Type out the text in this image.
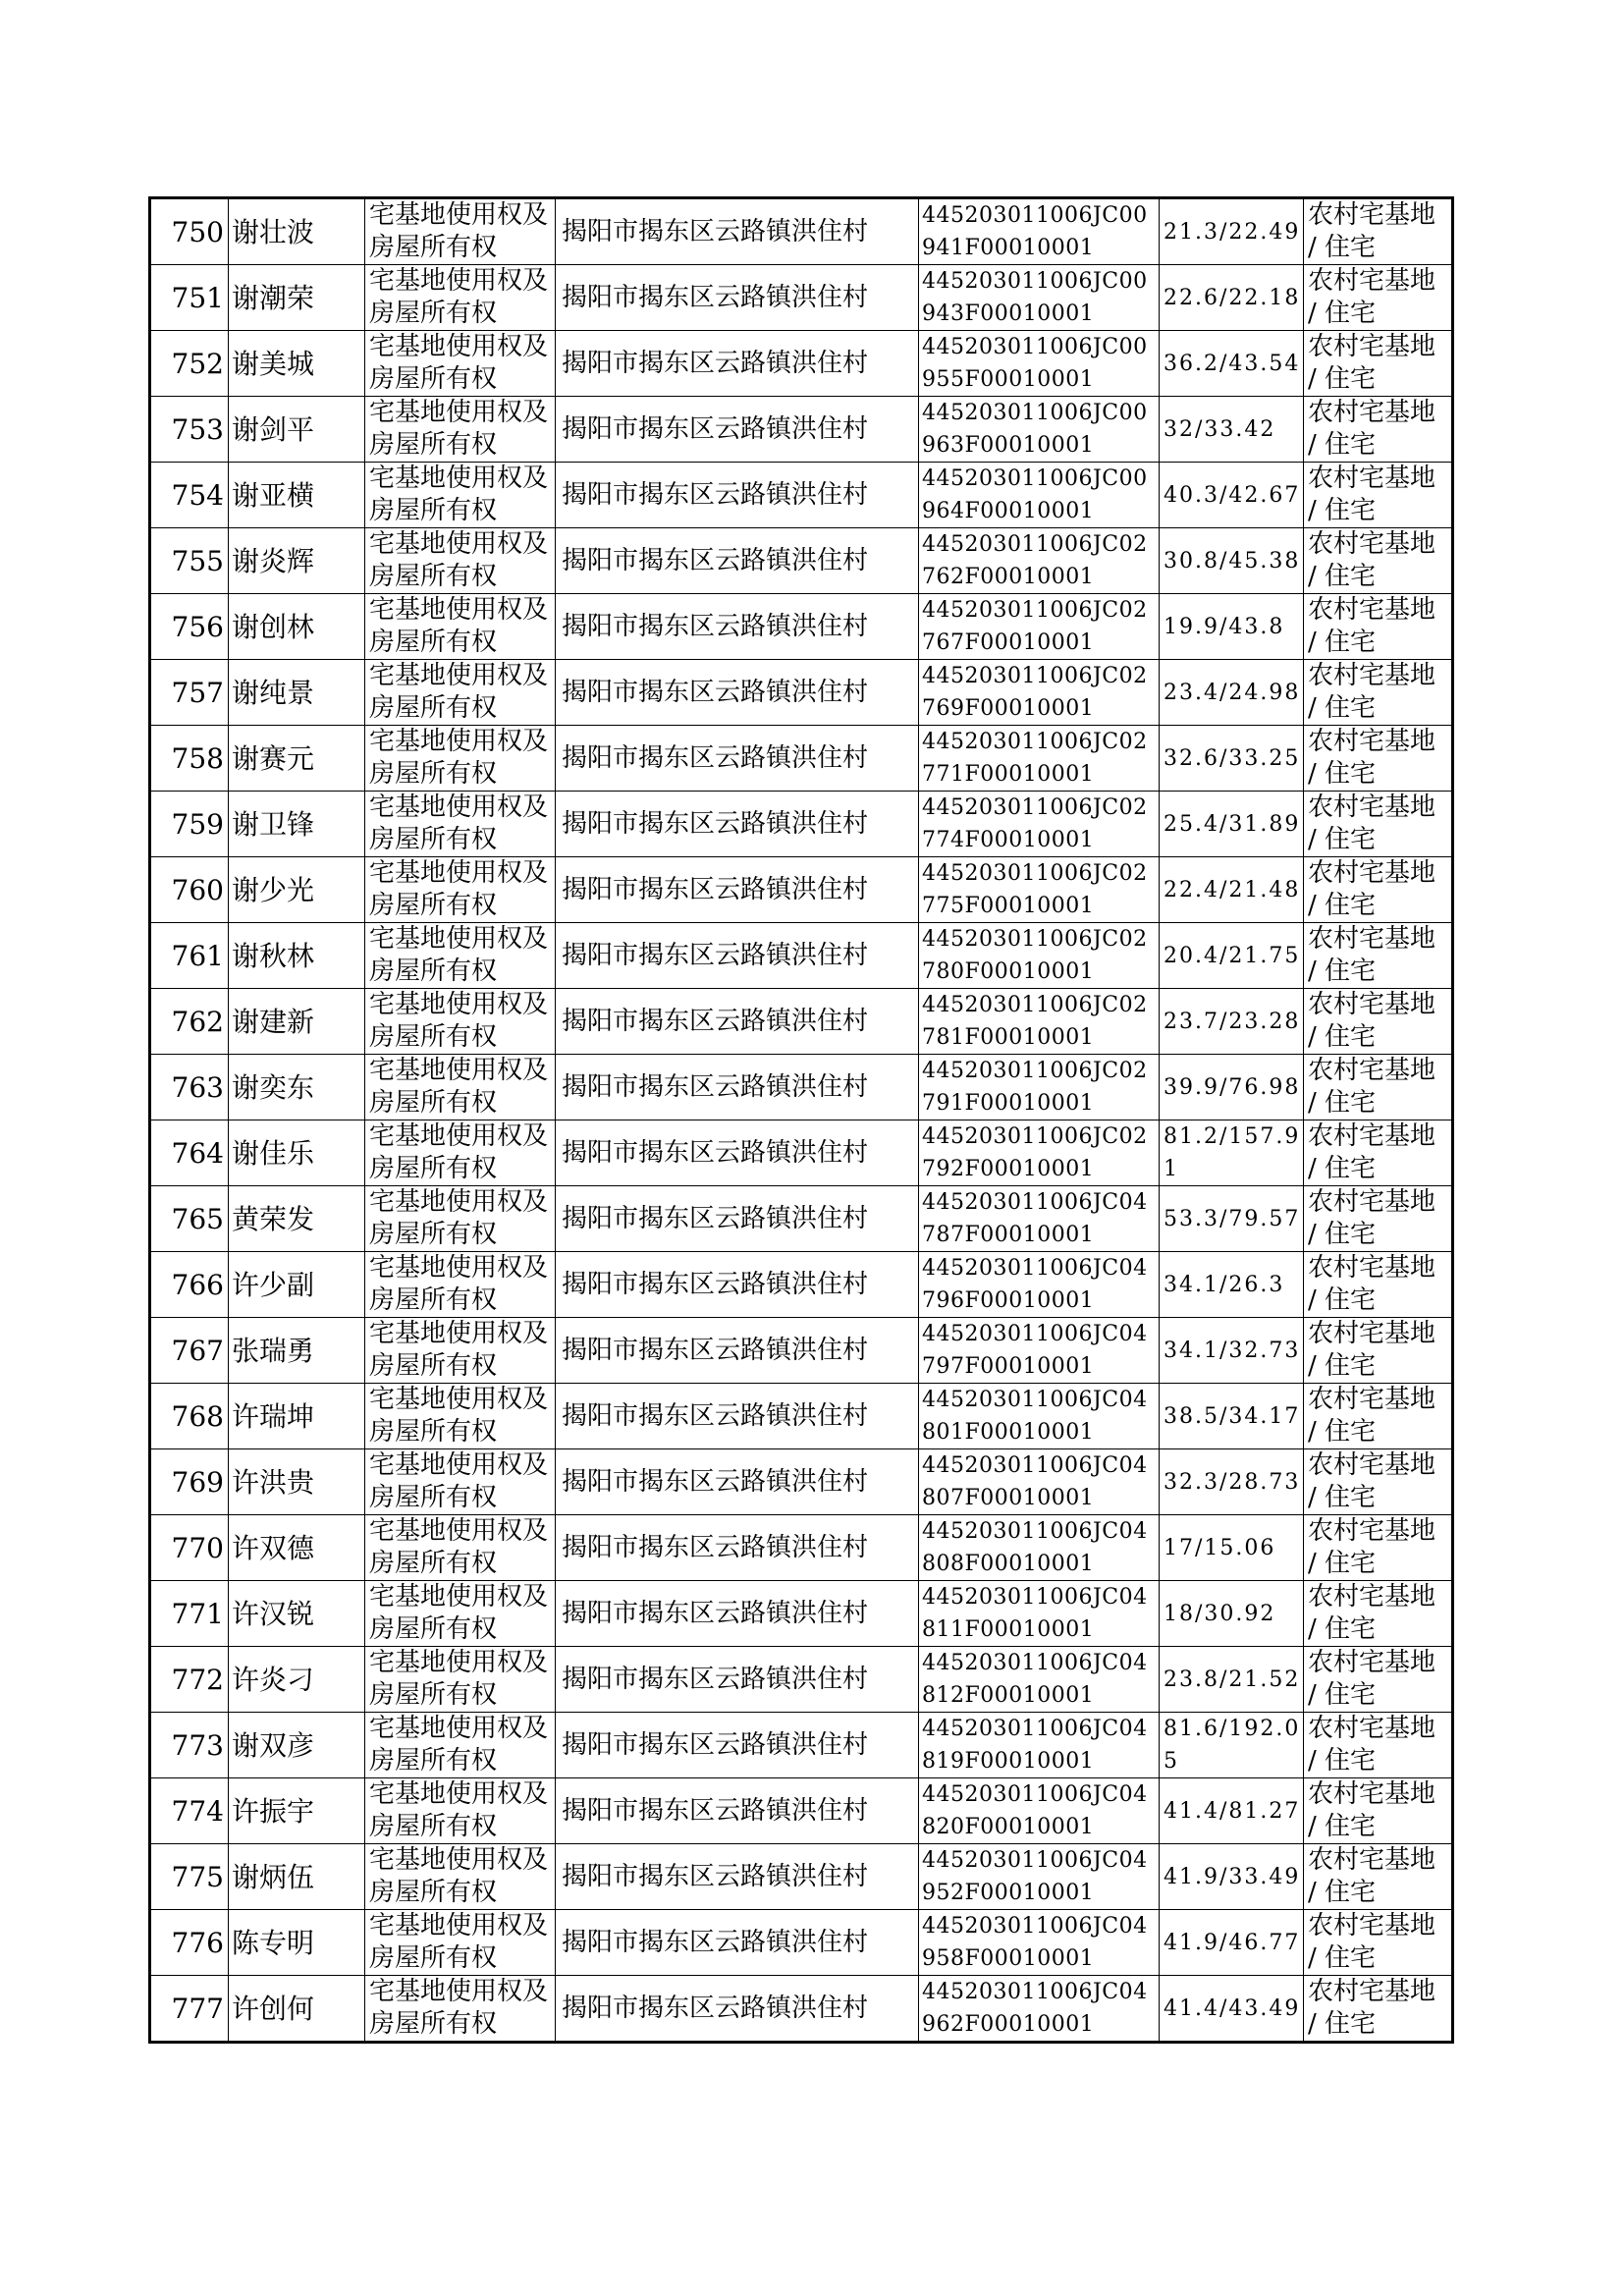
750	谢壮波	宅基地使用权及房屋所有权	揭阳市揭东区云路镇洪住村	445203011006JC00941F00010001	21.3/22.49	农村宅基地 / 住宅
751	谢潮荣	宅基地使用权及房屋所有权	揭阳市揭东区云路镇洪住村	445203011006JC00943F00010001	22.6/22.18	农村宅基地 / 住宅
752	谢美城	宅基地使用权及房屋所有权	揭阳市揭东区云路镇洪住村	445203011006JC00955F00010001	36.2/43.54	农村宅基地 / 住宅
753	谢剑平	宅基地使用权及房屋所有权	揭阳市揭东区云路镇洪住村	445203011006JC00963F00010001	32/33.42	农村宅基地 / 住宅
754	谢亚横	宅基地使用权及房屋所有权	揭阳市揭东区云路镇洪住村	445203011006JC00964F00010001	40.3/42.67	农村宅基地 / 住宅
755	谢炎辉	宅基地使用权及房屋所有权	揭阳市揭东区云路镇洪住村	445203011006JC02762F00010001	30.8/45.38	农村宅基地 / 住宅
756	谢创林	宅基地使用权及房屋所有权	揭阳市揭东区云路镇洪住村	445203011006JC02767F00010001	19.9/43.8	农村宅基地 / 住宅
757	谢纯景	宅基地使用权及房屋所有权	揭阳市揭东区云路镇洪住村	445203011006JC02769F00010001	23.4/24.98	农村宅基地 / 住宅
758	谢赛元	宅基地使用权及房屋所有权	揭阳市揭东区云路镇洪住村	445203011006JC02771F00010001	32.6/33.25	农村宅基地 / 住宅
759	谢卫锋	宅基地使用权及房屋所有权	揭阳市揭东区云路镇洪住村	445203011006JC02774F00010001	25.4/31.89	农村宅基地 / 住宅
760	谢少光	宅基地使用权及房屋所有权	揭阳市揭东区云路镇洪住村	445203011006JC02775F00010001	22.4/21.48	农村宅基地 / 住宅
761	谢秋林	宅基地使用权及房屋所有权	揭阳市揭东区云路镇洪住村	445203011006JC02780F00010001	20.4/21.75	农村宅基地 / 住宅
762	谢建新	宅基地使用权及房屋所有权	揭阳市揭东区云路镇洪住村	445203011006JC02781F00010001	23.7/23.28	农村宅基地 / 住宅
763	谢奕东	宅基地使用权及房屋所有权	揭阳市揭东区云路镇洪住村	445203011006JC02791F00010001	39.9/76.98	农村宅基地 / 住宅
764	谢佳乐	宅基地使用权及房屋所有权	揭阳市揭东区云路镇洪住村	445203011006JC02792F00010001	81.2/157.91	农村宅基地 / 住宅
765	黄荣发	宅基地使用权及房屋所有权	揭阳市揭东区云路镇洪住村	445203011006JC04787F00010001	53.3/79.57	农村宅基地 / 住宅
766	许少副	宅基地使用权及房屋所有权	揭阳市揭东区云路镇洪住村	445203011006JC04796F00010001	34.1/26.3	农村宅基地 / 住宅
767	张瑞勇	宅基地使用权及房屋所有权	揭阳市揭东区云路镇洪住村	445203011006JC04797F00010001	34.1/32.73	农村宅基地 / 住宅
768	许瑞坤	宅基地使用权及房屋所有权	揭阳市揭东区云路镇洪住村	445203011006JC04801F00010001	38.5/34.17	农村宅基地 / 住宅
769	许洪贵	宅基地使用权及房屋所有权	揭阳市揭东区云路镇洪住村	445203011006JC04807F00010001	32.3/28.73	农村宅基地 / 住宅
770	许双德	宅基地使用权及房屋所有权	揭阳市揭东区云路镇洪住村	445203011006JC04808F00010001	17/15.06	农村宅基地 / 住宅
771	许汉锐	宅基地使用权及房屋所有权	揭阳市揭东区云路镇洪住村	445203011006JC04811F00010001	18/30.92	农村宅基地 / 住宅
772	许炎刁	宅基地使用权及房屋所有权	揭阳市揭东区云路镇洪住村	445203011006JC04812F00010001	23.8/21.52	农村宅基地 / 住宅
773	谢双彦	宅基地使用权及房屋所有权	揭阳市揭东区云路镇洪住村	445203011006JC04819F00010001	81.6/192.05	农村宅基地 / 住宅
774	许振宇	宅基地使用权及房屋所有权	揭阳市揭东区云路镇洪住村	445203011006JC04820F00010001	41.4/81.27	农村宅基地 / 住宅
775	谢炳伍	宅基地使用权及房屋所有权	揭阳市揭东区云路镇洪住村	445203011006JC04952F00010001	41.9/33.49	农村宅基地 / 住宅
776	陈专明	宅基地使用权及房屋所有权	揭阳市揭东区云路镇洪住村	445203011006JC04958F00010001	41.9/46.77	农村宅基地 / 住宅
777	许创何	宅基地使用权及房屋所有权	揭阳市揭东区云路镇洪住村	445203011006JC04962F00010001	41.4/43.49	农村宅基地 / 住宅
